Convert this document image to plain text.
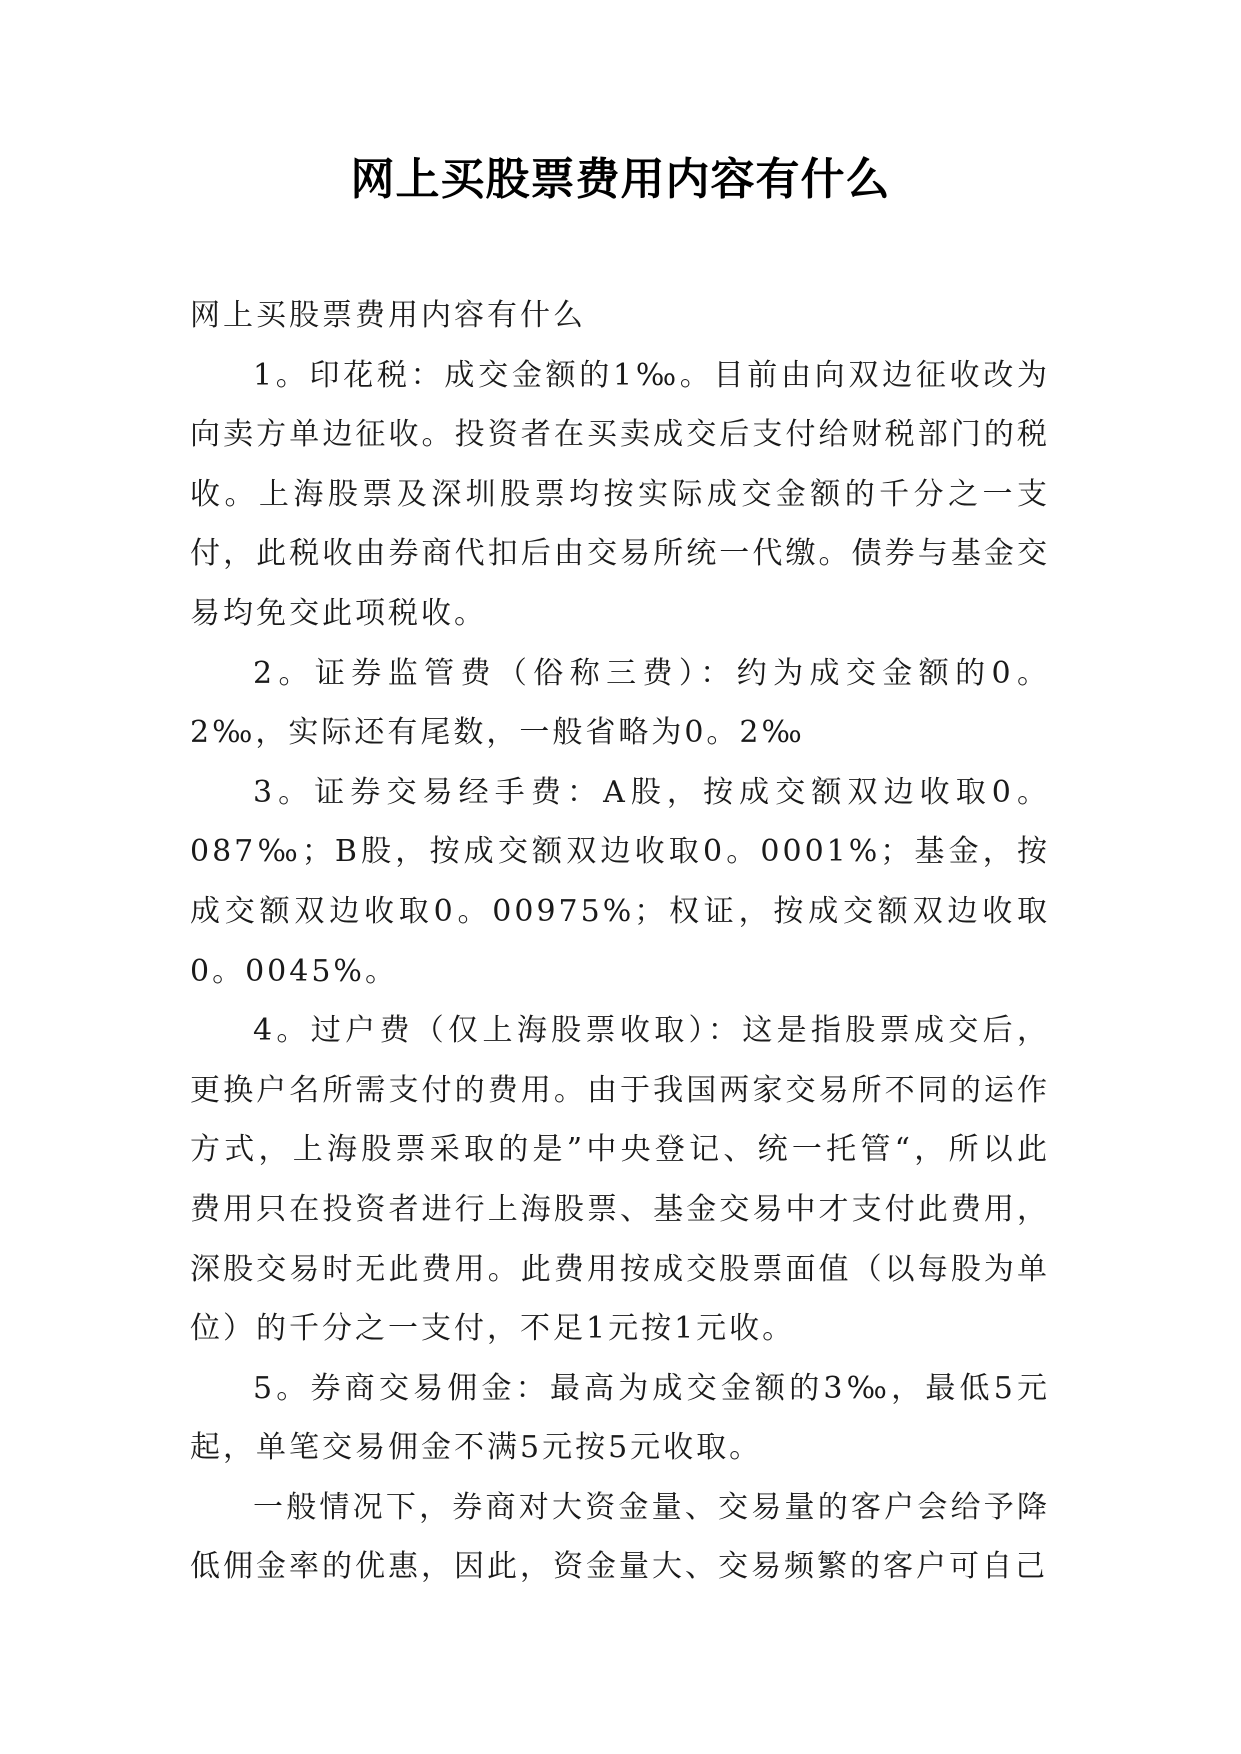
网上买股票费用内容有什么

网上买股票费用内容有什么

1。印花税：成交金额的1‰。目前由向双边征收改为向卖方单边征收。投资者在买卖成交后支付给财税部门的税收。上海股票及深圳股票均按实际成交金额的千分之一支付，此税收由券商代扣后由交易所统一代缴。债券与基金交易均免交此项税收。

2。证券监管费（俗称三费）：约为成交金额的0。2‰，实际还有尾数，一般省略为0。2‰

3。证券交易经手费：A股，按成交额双边收取0。087‰；B股，按成交额双边收取0。0001%；基金，按成交额双边收取0。00975%；权证，按成交额双边收取0。0045%。

4。过户费（仅上海股票收取）：这是指股票成交后，更换户名所需支付的费用。由于我国两家交易所不同的运作方式，上海股票采取的是”中央登记、统一托管“，所以此费用只在投资者进行上海股票、基金交易中才支付此费用，深股交易时无此费用。此费用按成交股票面值（以每股为单位）的千分之一支付，不足1元按1元收。

5。券商交易佣金：最高为成交金额的3‰，最低5元起，单笔交易佣金不满5元按5元收取。

一般情况下，券商对大资金量、交易量的客户会给予降低佣金率的优惠，因此，资金量大、交易频繁的客户可自己
